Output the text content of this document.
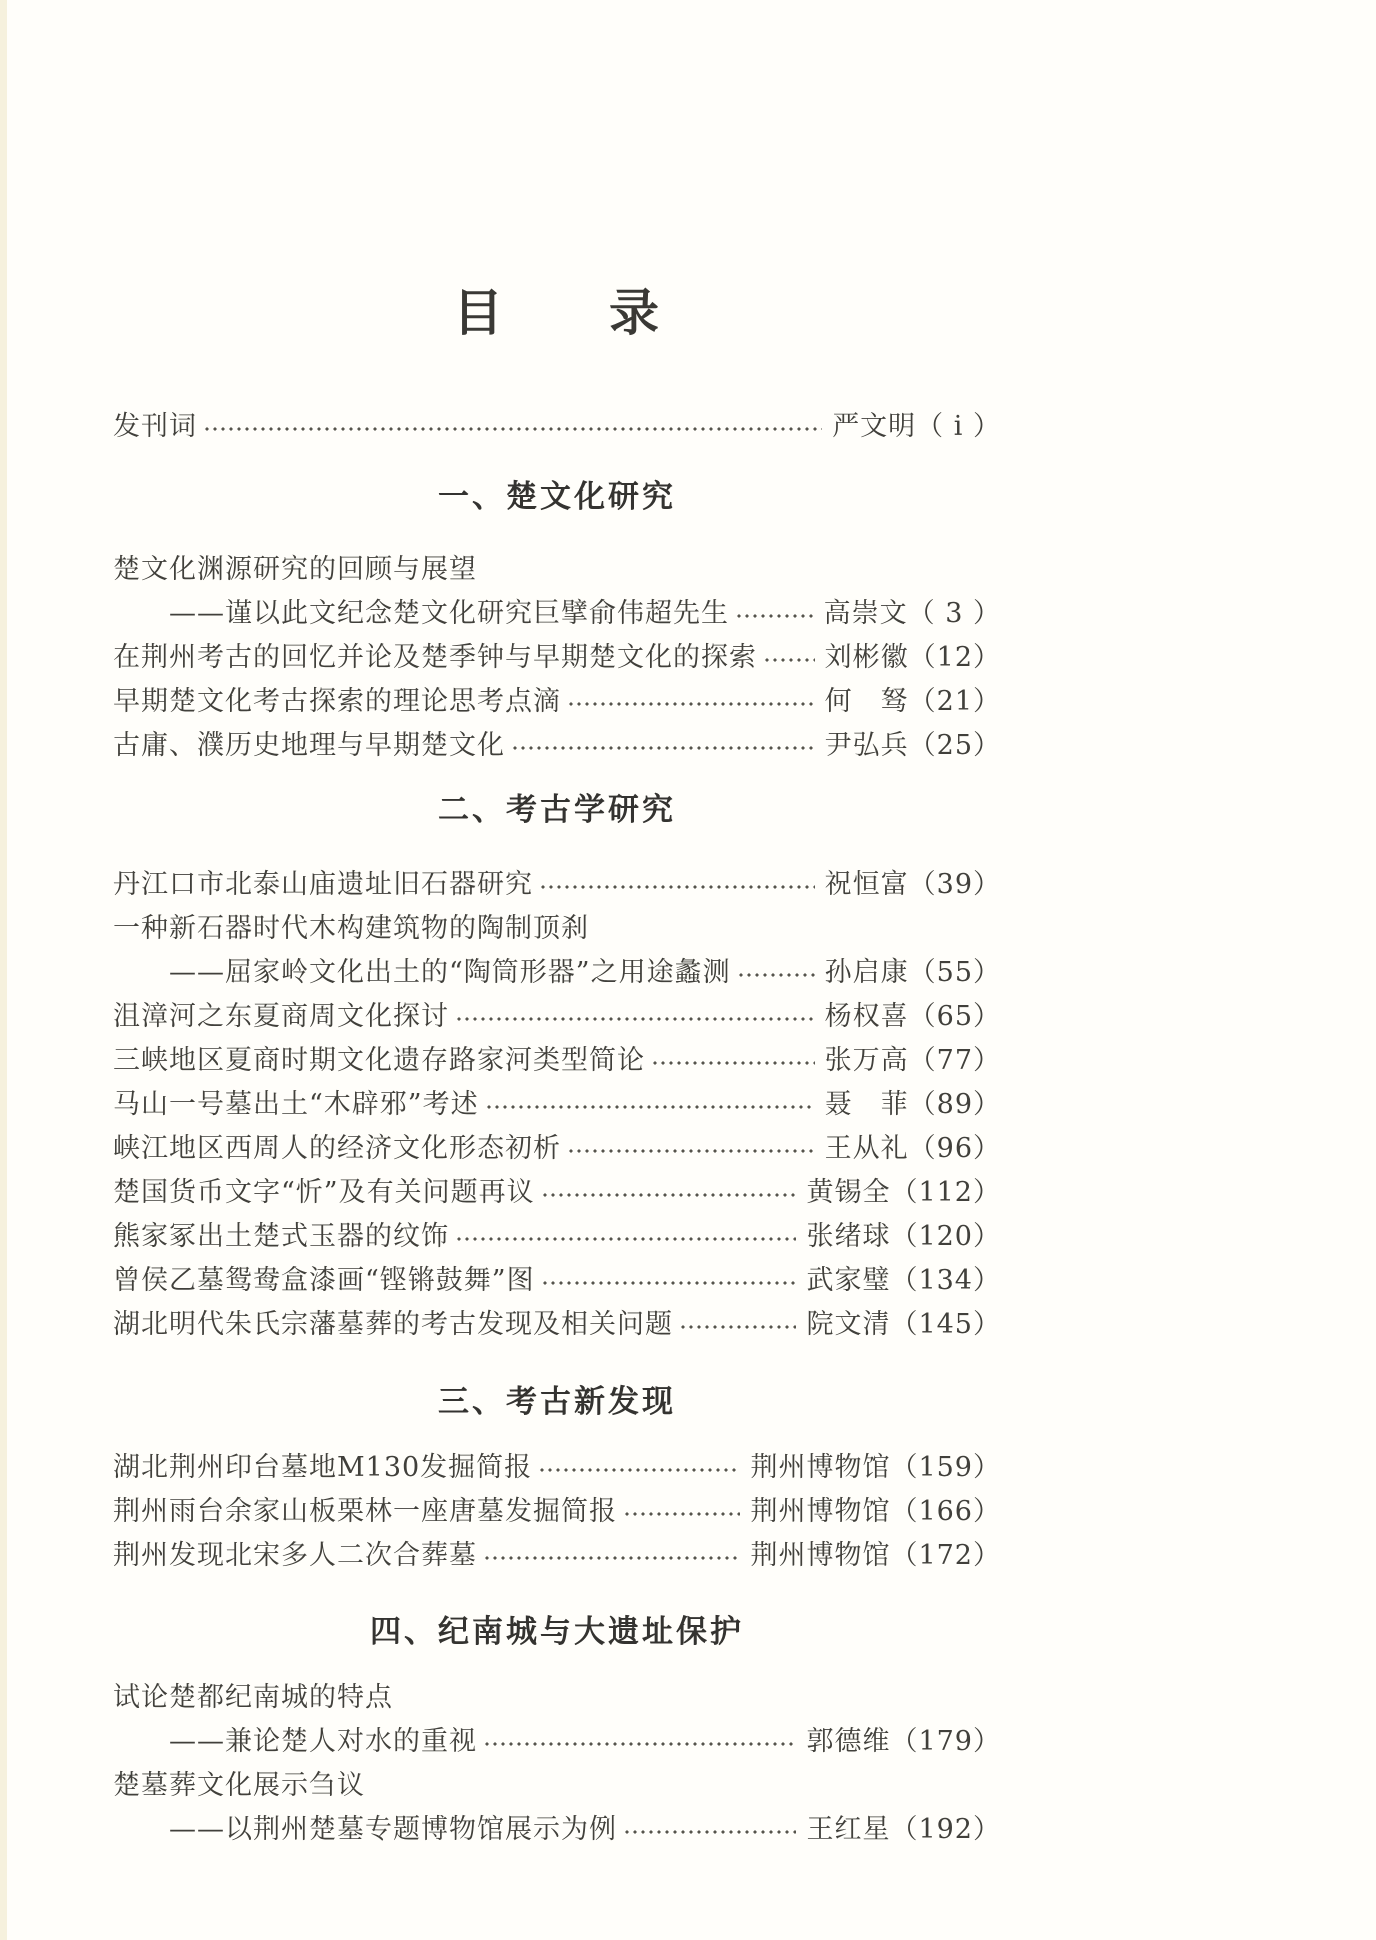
目　　录
发刊词	严文明（ i ）
一、楚文化研究
楚文化渊源研究的回顾与展望
——谨以此文纪念楚文化研究巨擘俞伟超先生	高崇文（ 3 ）
在荆州考古的回忆并论及楚季钟与早期楚文化的探索	刘彬徽（12）
早期楚文化考古探索的理论思考点滴	何　驽（21）
古庸、濮历史地理与早期楚文化	尹弘兵（25）
二、考古学研究
丹江口市北泰山庙遗址旧石器研究	祝恒富（39）
一种新石器时代木构建筑物的陶制顶刹
——屈家岭文化出土的“陶筒形器”之用途蠡测	孙启康（55）
沮漳河之东夏商周文化探讨	杨权喜（65）
三峡地区夏商时期文化遗存路家河类型简论	张万高（77）
马山一号墓出土“木辟邪”考述	聂　菲（89）
峡江地区西周人的经济文化形态初析	王从礼（96）
楚国货币文字“忻”及有关问题再议	黄锡全（112）
熊家冢出土楚式玉器的纹饰	张绪球（120）
曾侯乙墓鸳鸯盒漆画“铿锵鼓舞”图	武家璧（134）
湖北明代朱氏宗藩墓葬的考古发现及相关问题	院文清（145）
三、考古新发现
湖北荆州印台墓地M130发掘简报	荆州博物馆（159）
荆州雨台余家山板栗林一座唐墓发掘简报	荆州博物馆（166）
荆州发现北宋多人二次合葬墓	荆州博物馆（172）
四、纪南城与大遗址保护
试论楚都纪南城的特点
——兼论楚人对水的重视	郭德维（179）
楚墓葬文化展示刍议
——以荆州楚墓专题博物馆展示为例	王红星（192）
